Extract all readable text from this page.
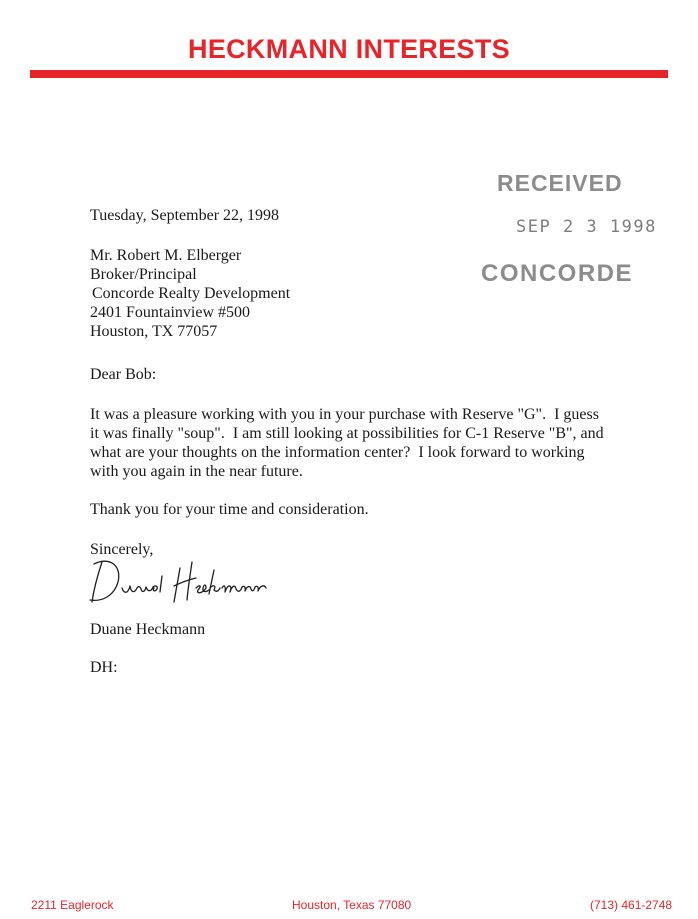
HECKMANN INTERESTS
RECEIVED
SEP 2 3 1998
CONCORDE
Tuesday, September 22, 1998
Mr. Robert M. Elberger
Broker/Principal
Concorde Realty Development
2401 Fountainview #500
Houston, TX 77057
Dear Bob:
It was a pleasure working with you in your purchase with Reserve "G".  I guess
it was finally "soup".  I am still looking at possibilities for C-1 Reserve "B", and
what are your thoughts on the information center?  I look forward to working
with you again in the near future.
Thank you for your time and consideration.
Sincerely,
Duane Heckmann
DH:
2211 Eaglerock	Houston, Texas 77080	(713) 461-2748
